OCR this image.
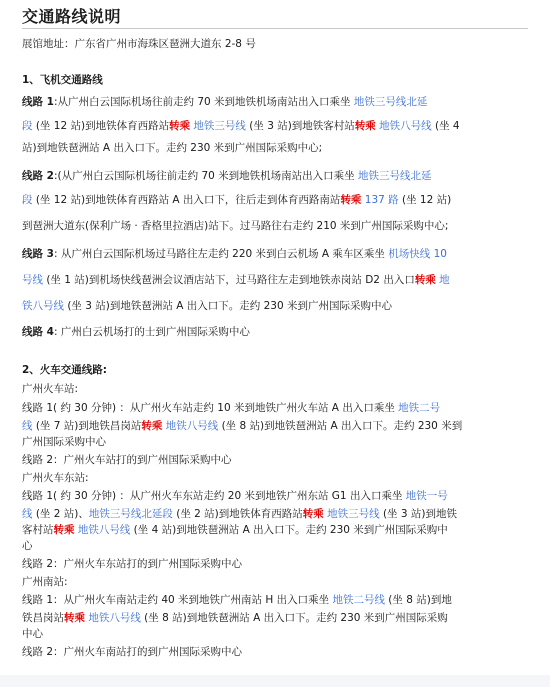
交通路线说明
展馆地址：广东省广州市海珠区琶洲大道东 2-8 号
1、飞机交通路线
线路 1:从广州白云国际机场往前走约 70 米到地铁机场南站出入口乘坐 地铁三号线北延
段 (坐 12 站)到地铁体育西路站转乘 地铁三号线 (坐 3 站)到地铁客村站转乘 地铁八号线 (坐 4
站)到地铁琶洲站 A 出入口下。走约 230 米到广州国际采购中心;
线路 2:(从广州白云国际机场往前走约 70 米到地铁机场南站出入口乘坐 地铁三号线北延
段 (坐 12 站)到地铁体育西路站 A 出入口下，往后走到体育西路南站转乘 137 路 (坐 12 站)
到琶洲大道东(保利广场 · 香格里拉酒店)站下。过马路往右走约 210 米到广州国际采购中心;
线路 3: 从广州白云国际机场过马路往左走约 220 米到白云机场 A 乘车区乘坐 机场快线 10
号线 (坐 1 站)到机场快线琶洲会议酒店站下，过马路往左走到地铁赤岗站 D2 出入口转乘 地
铁八号线 (坐 3 站)到地铁琶洲站 A 出入口下。走约 230 米到广州国际采购中心
线路 4: 广州白云机场打的士到广州国际采购中心
2、火车交通线路:
广州火车站:
线路 1( 约 30 分钟) ：从广州火车站走约 10 米到地铁广州火车站 A 出入口乘坐 地铁二号
线 (坐 7 站)到地铁昌岗站转乘 地铁八号线 (坐 8 站)到地铁琶洲站 A 出入口下。走约 230 米到
广州国际采购中心
线路 2：广州火车站打的到广州国际采购中心
广州火车东站:
线路 1( 约 30 分钟) ：从广州火车东站走约 20 米到地铁广州东站 G1 出入口乘坐 地铁一号
线 (坐 2 站)、地铁三号线北延段 (坐 2 站)到地铁体育西路站转乘 地铁三号线 (坐 3 站)到地铁
客村站转乘 地铁八号线 (坐 4 站)到地铁琶洲站 A 出入口下。走约 230 米到广州国际采购中
心
线路 2：广州火车东站打的到广州国际采购中心
广州南站:
线路 1：从广州火车南站走约 40 米到地铁广州南站 H 出入口乘坐 地铁二号线 (坐 8 站)到地
铁昌岗站转乘 地铁八号线 (坐 8 站)到地铁琶洲站 A 出入口下。走约 230 米到广州国际采购
中心
线路 2：广州火车南站打的到广州国际采购中心
